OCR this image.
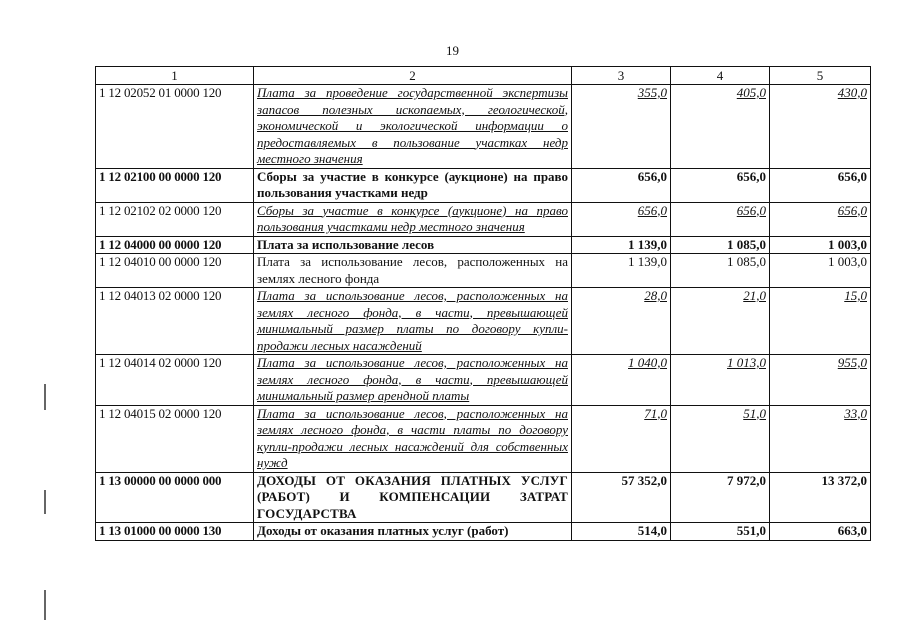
19
1	2	3	4	5
1 12 02052 01 0000 120	Плата за проведение государственной экспертизы запасов полезных ископаемых, геологической, экономической и экологической информации о предоставляемых в пользование участках недр местного значения	355,0	405,0	430,0
1 12 02100 00 0000 120	Сборы за участие в конкурсе (аукционе) на право пользования участками недр	656,0	656,0	656,0
1 12 02102 02 0000 120	Сборы за участие в конкурсе (аукционе) на право пользования участками недр местного значения	656,0	656,0	656,0
1 12 04000 00 0000 120	Плата за использование лесов	1 139,0	1 085,0	1 003,0
1 12 04010 00 0000 120	Плата за использование лесов, расположенных на землях лесного фонда	1 139,0	1 085,0	1 003,0
1 12 04013 02 0000 120	Плата за использование лесов, расположенных на землях лесного фонда, в части, превышающей минимальный размер платы по договору купли-продажи лесных насаждений	28,0	21,0	15,0
1 12 04014 02 0000 120	Плата за использование лесов, расположенных на землях лесного фонда, в части, превышающей минимальный размер арендной платы	1 040,0	1 013,0	955,0
1 12 04015 02 0000 120	Плата за использование лесов, расположенных на землях лесного фонда, в части платы по договору купли-продажи лесных насаждений для собственных нужд	71,0	51,0	33,0
1 13 00000 00 0000 000	ДОХОДЫ ОТ ОКАЗАНИЯ ПЛАТНЫХ УСЛУГ (РАБОТ) И КОМПЕНСАЦИИ ЗАТРАТ ГОСУДАРСТВА	57 352,0	7 972,0	13 372,0
1 13 01000 00 0000 130	Доходы от оказания платных услуг (работ)	514,0	551,0	663,0
